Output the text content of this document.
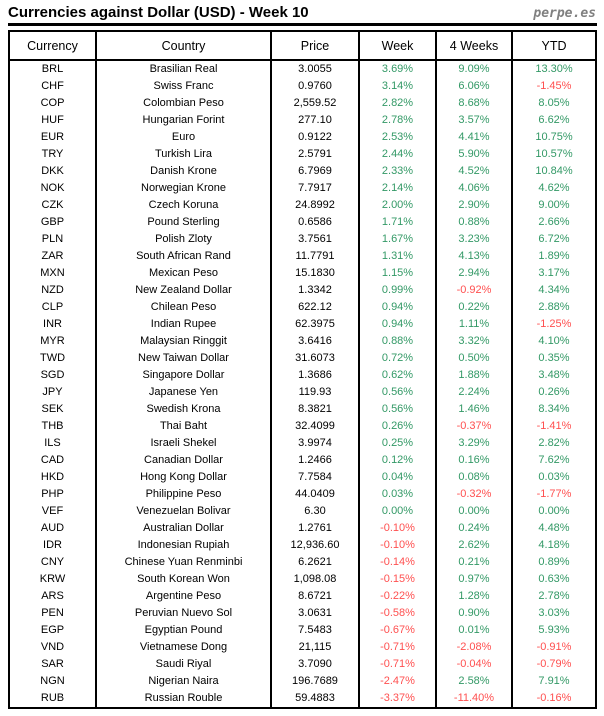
Currencies against Dollar (USD) - Week 10	perpe.es
Currency	Country	Price	Week	4 Weeks	YTD
BRL	Brasilian Real	3.0055	3.69%	9.09%	13.30%
CHF	Swiss Franc	0.9760	3.14%	6.06%	-1.45%
COP	Colombian Peso	2,559.52	2.82%	8.68%	8.05%
HUF	Hungarian Forint	277.10	2.78%	3.57%	6.62%
EUR	Euro	0.9122	2.53%	4.41%	10.75%
TRY	Turkish Lira	2.5791	2.44%	5.90%	10.57%
DKK	Danish Krone	6.7969	2.33%	4.52%	10.84%
NOK	Norwegian Krone	7.7917	2.14%	4.06%	4.62%
CZK	Czech Koruna	24.8992	2.00%	2.90%	9.00%
GBP	Pound Sterling	0.6586	1.71%	0.88%	2.66%
PLN	Polish Zloty	3.7561	1.67%	3.23%	6.72%
ZAR	South African Rand	11.7791	1.31%	4.13%	1.89%
MXN	Mexican Peso	15.1830	1.15%	2.94%	3.17%
NZD	New Zealand Dollar	1.3342	0.99%	-0.92%	4.34%
CLP	Chilean Peso	622.12	0.94%	0.22%	2.88%
INR	Indian Rupee	62.3975	0.94%	1.11%	-1.25%
MYR	Malaysian Ringgit	3.6416	0.88%	3.32%	4.10%
TWD	New Taiwan Dollar	31.6073	0.72%	0.50%	0.35%
SGD	Singapore Dollar	1.3686	0.62%	1.88%	3.48%
JPY	Japanese Yen	119.93	0.56%	2.24%	0.26%
SEK	Swedish Krona	8.3821	0.56%	1.46%	8.34%
THB	Thai Baht	32.4099	0.26%	-0.37%	-1.41%
ILS	Israeli Shekel	3.9974	0.25%	3.29%	2.82%
CAD	Canadian Dollar	1.2466	0.12%	0.16%	7.62%
HKD	Hong Kong Dollar	7.7584	0.04%	0.08%	0.03%
PHP	Philippine Peso	44.0409	0.03%	-0.32%	-1.77%
VEF	Venezuelan Bolivar	6.30	0.00%	0.00%	0.00%
AUD	Australian Dollar	1.2761	-0.10%	0.24%	4.48%
IDR	Indonesian Rupiah	12,936.60	-0.10%	2.62%	4.18%
CNY	Chinese Yuan Renminbi	6.2621	-0.14%	0.21%	0.89%
KRW	South Korean Won	1,098.08	-0.15%	0.97%	0.63%
ARS	Argentine Peso	8.6721	-0.22%	1.28%	2.78%
PEN	Peruvian Nuevo Sol	3.0631	-0.58%	0.90%	3.03%
EGP	Egyptian Pound	7.5483	-0.67%	0.01%	5.93%
VND	Vietnamese Dong	21,115	-0.71%	-2.08%	-0.91%
SAR	Saudi Riyal	3.7090	-0.71%	-0.04%	-0.79%
NGN	Nigerian Naira	196.7689	-2.47%	2.58%	7.91%
RUB	Russian Rouble	59.4883	-3.37%	-11.40%	-0.16%
